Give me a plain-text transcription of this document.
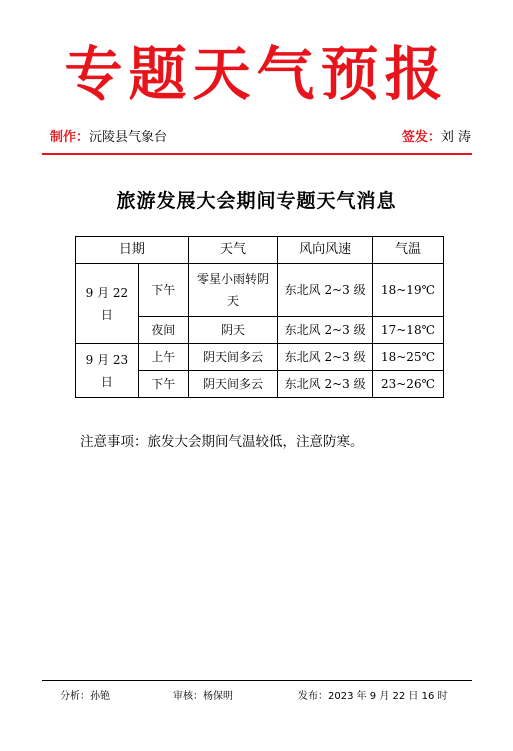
专题天气预报
制作：沅陵县气象台	签发：刘 涛
旅游发展大会期间专题天气消息
日期		天气	风向风速	气温
9 月 22 日	下午	零星小雨转阴天	东北风 2~3 级	18~19℃
	夜间	阴天	东北风 2~3 级	17~18℃
9 月 23 日	上午	阴天间多云	东北风 2~3 级	18~25℃
	下午	阴天间多云	东北风 2~3 级	23~26℃
注意事项：旅发大会期间气温较低，注意防寒。
分析：孙铯	审核：杨保明	发布：2023 年 9 月 22 日 16 时
